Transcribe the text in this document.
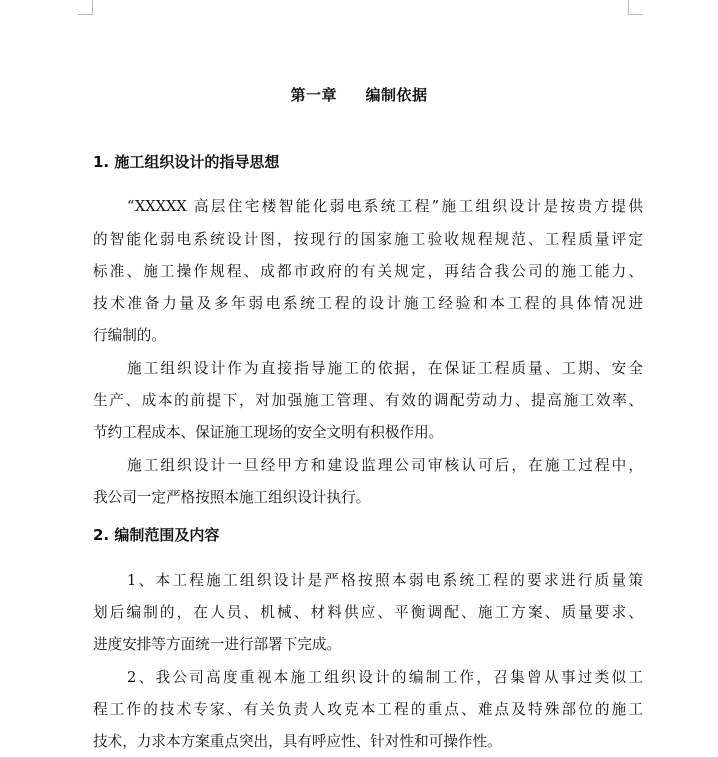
第一章     编制依据
1. 施工组织设计的指导思想
“XXXXX 高层住宅楼智能化弱电系统工程”施工组织设计是按贵方提供
的智能化弱电系统设计图，按现行的国家施工验收规程规范、工程质量评定
标准、施工操作规程、成都市政府的有关规定，再结合我公司的施工能力、
技术准备力量及多年弱电系统工程的设计施工经验和本工程的具体情况进
行编制的。
施工组织设计作为直接指导施工的依据，在保证工程质量、工期、安全
生产、成本的前提下，对加强施工管理、有效的调配劳动力、提高施工效率、
节约工程成本、保证施工现场的安全文明有积极作用。
施工组织设计一旦经甲方和建设监理公司审核认可后，在施工过程中，
我公司一定严格按照本施工组织设计执行。
2. 编制范围及内容
1、本工程施工组织设计是严格按照本弱电系统工程的要求进行质量策
划后编制的，在人员、机械、材料供应、平衡调配、施工方案、质量要求、
进度安排等方面统一进行部署下完成。
2、我公司高度重视本施工组织设计的编制工作，召集曾从事过类似工
程工作的技术专家、有关负责人攻克本工程的重点、难点及特殊部位的施工
技术，力求本方案重点突出，具有呼应性、针对性和可操作性。
